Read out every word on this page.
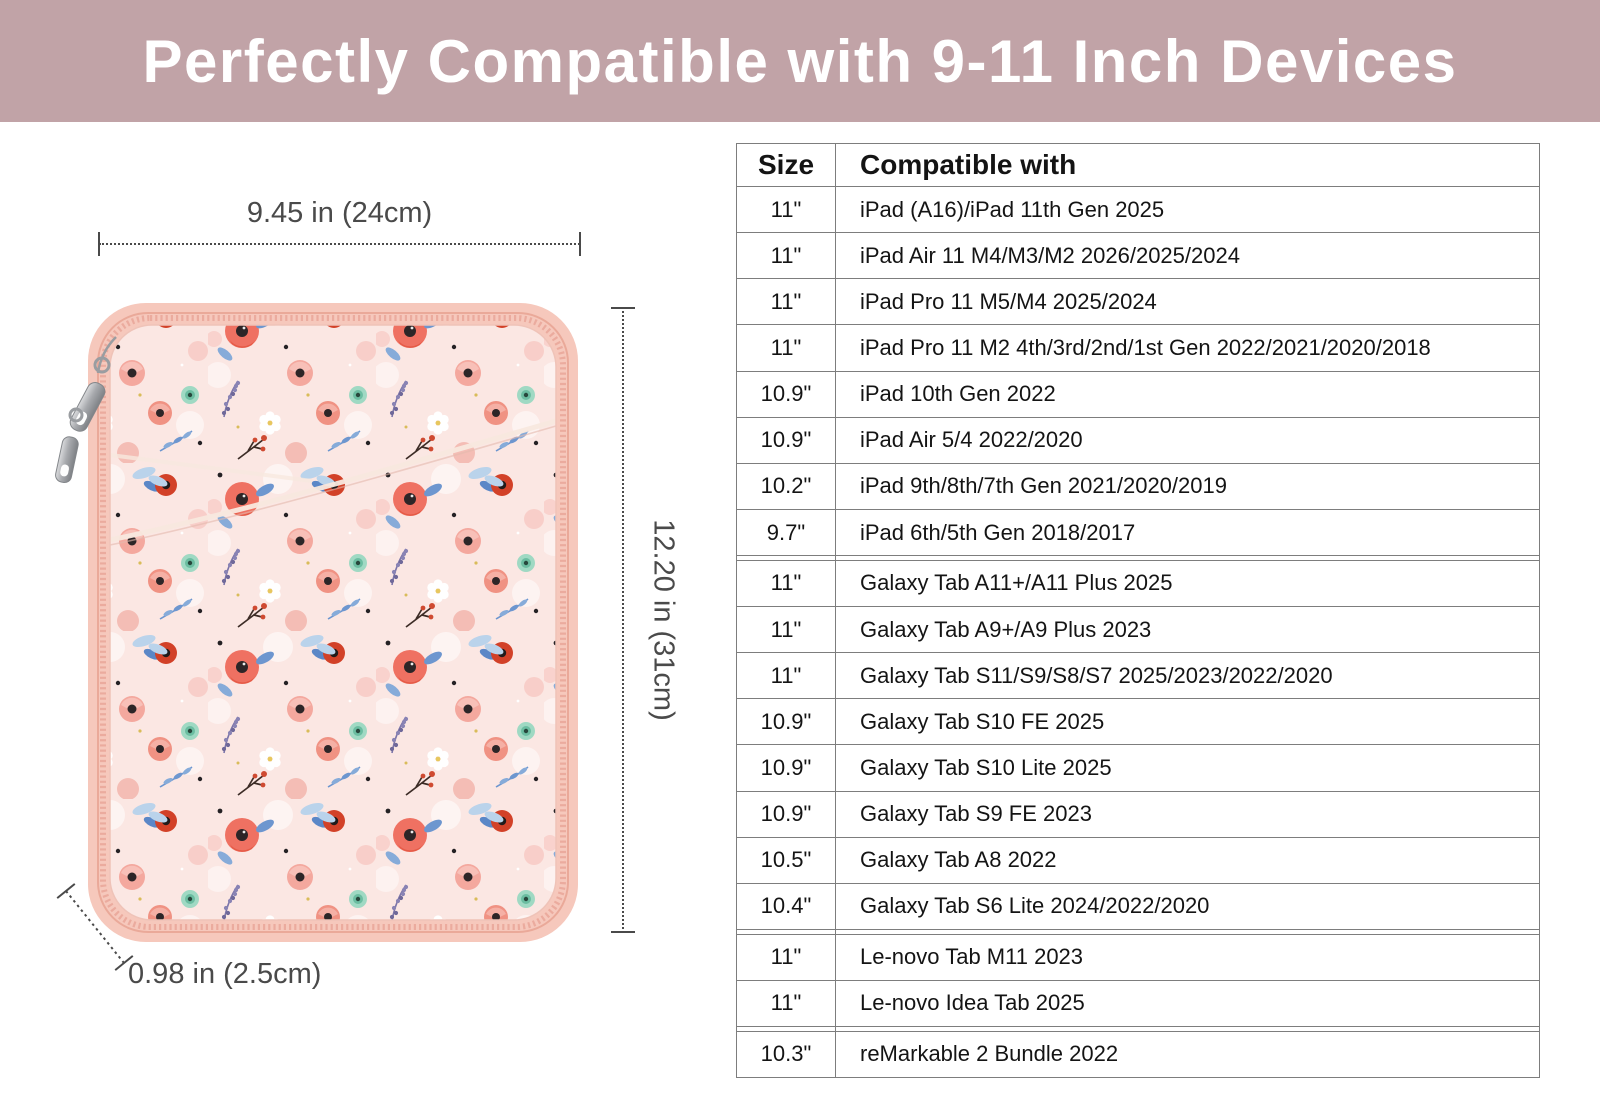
Perfectly Compatible with 9-11 Inch Devices
9.45 in (24cm)
12.20 in (31cm)
0.98 in (2.5cm)
Size	Compatible with
11"	iPad (A16)/iPad 11th Gen 2025
11"	iPad Air 11 M4/M3/M2 2026/2025/2024
11"	iPad Pro 11 M5/M4 2025/2024
11"	iPad Pro 11 M2 4th/3rd/2nd/1st Gen 2022/2021/2020/2018
10.9"	iPad 10th Gen 2022
10.9"	iPad Air 5/4 2022/2020
10.2"	iPad 9th/8th/7th Gen 2021/2020/2019
9.7"	iPad 6th/5th Gen 2018/2017

11"	Galaxy Tab A11+/A11 Plus 2025
11"	Galaxy Tab A9+/A9 Plus 2023
11"	Galaxy Tab S11/S9/S8/S7 2025/2023/2022/2020
10.9"	Galaxy Tab S10 FE 2025
10.9"	Galaxy Tab S10 Lite 2025
10.9"	Galaxy Tab S9 FE 2023
10.5"	Galaxy Tab A8 2022
10.4"	Galaxy Tab S6 Lite 2024/2022/2020

11"	Le-novo Tab M11 2023
11"	Le-novo Idea Tab 2025

10.3"	reMarkable 2 Bundle 2022
